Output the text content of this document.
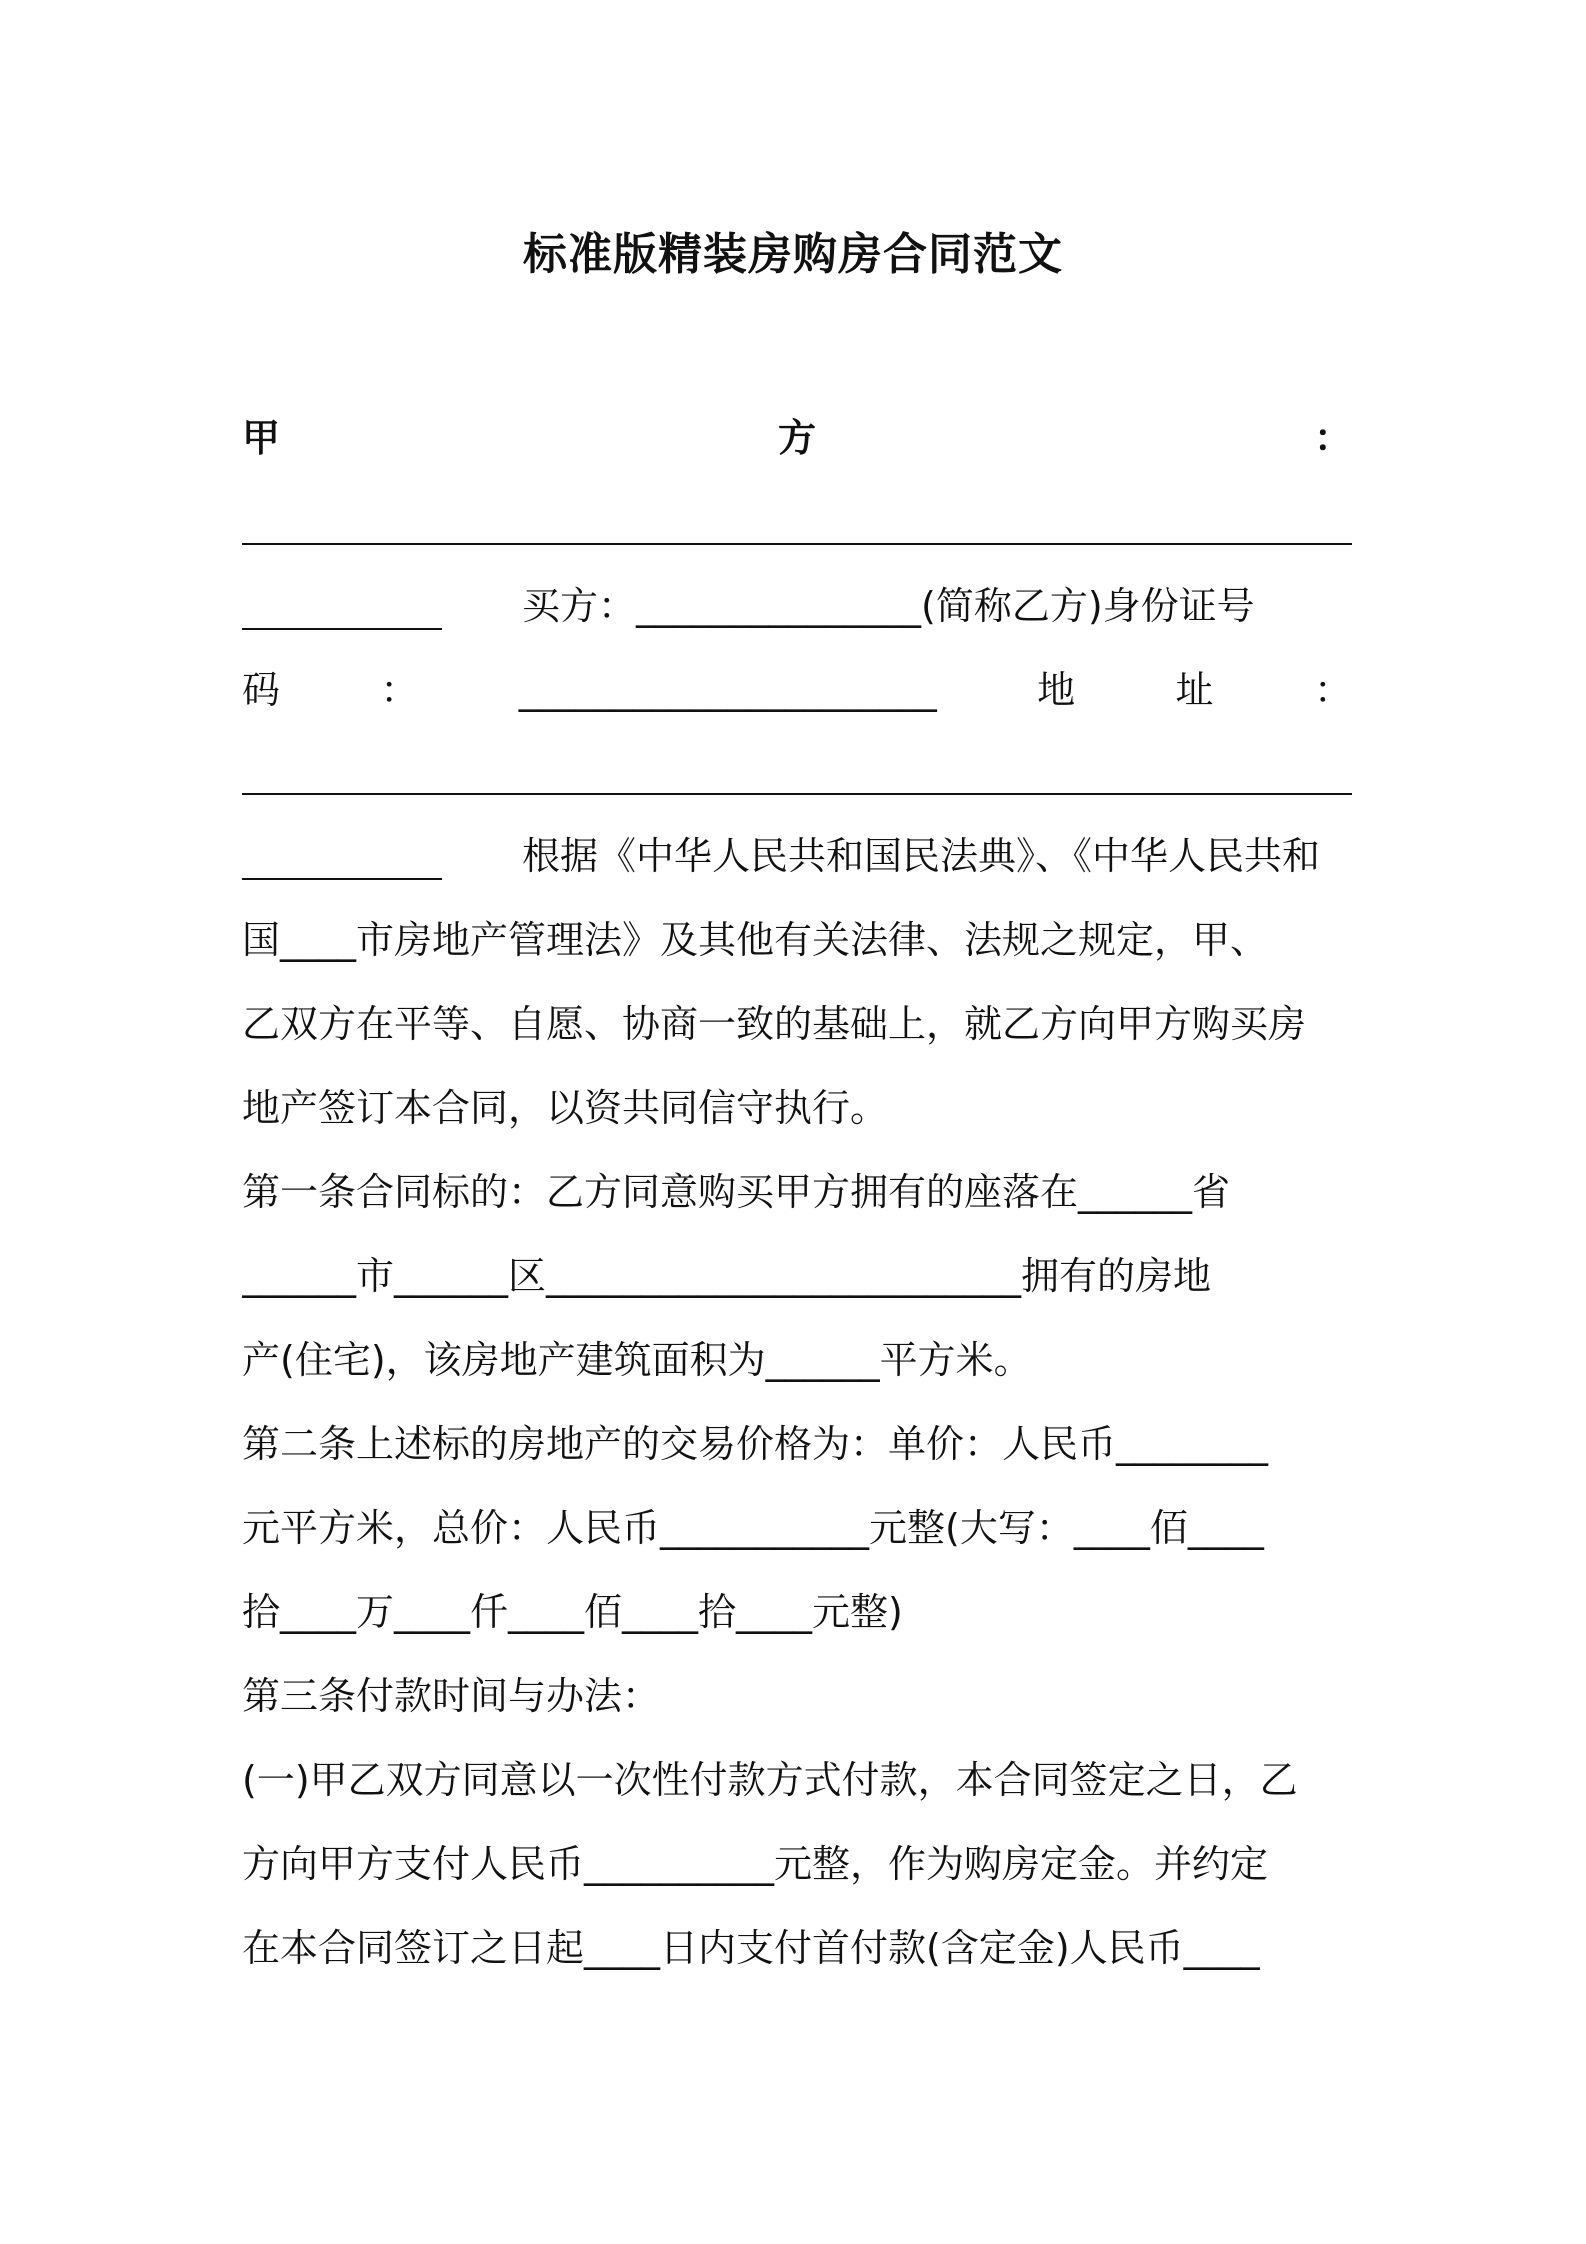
标准版精装房购房合同范文
甲	方	：
买方：_______________(简称乙方)身份证号
码	：	______________________	地	址	：
根据《中华人民共和国民法典》、《中华人民共和
国____市房地产管理法》及其他有关法律、法规之规定，甲、
乙双方在平等、自愿、协商一致的基础上，就乙方向甲方购买房
地产签订本合同，以资共同信守执行。
第一条合同标的：乙方同意购买甲方拥有的座落在______省
______市______区_________________________拥有的房地
产(住宅)，该房地产建筑面积为______平方米。
第二条上述标的房地产的交易价格为：单价：人民币________
元平方米，总价：人民币___________元整(大写：____佰____
拾____万____仟____佰____拾____元整)
第三条付款时间与办法：
(一)甲乙双方同意以一次性付款方式付款，本合同签定之日，乙
方向甲方支付人民币__________元整，作为购房定金。并约定
在本合同签订之日起____日内支付首付款(含定金)人民币____
